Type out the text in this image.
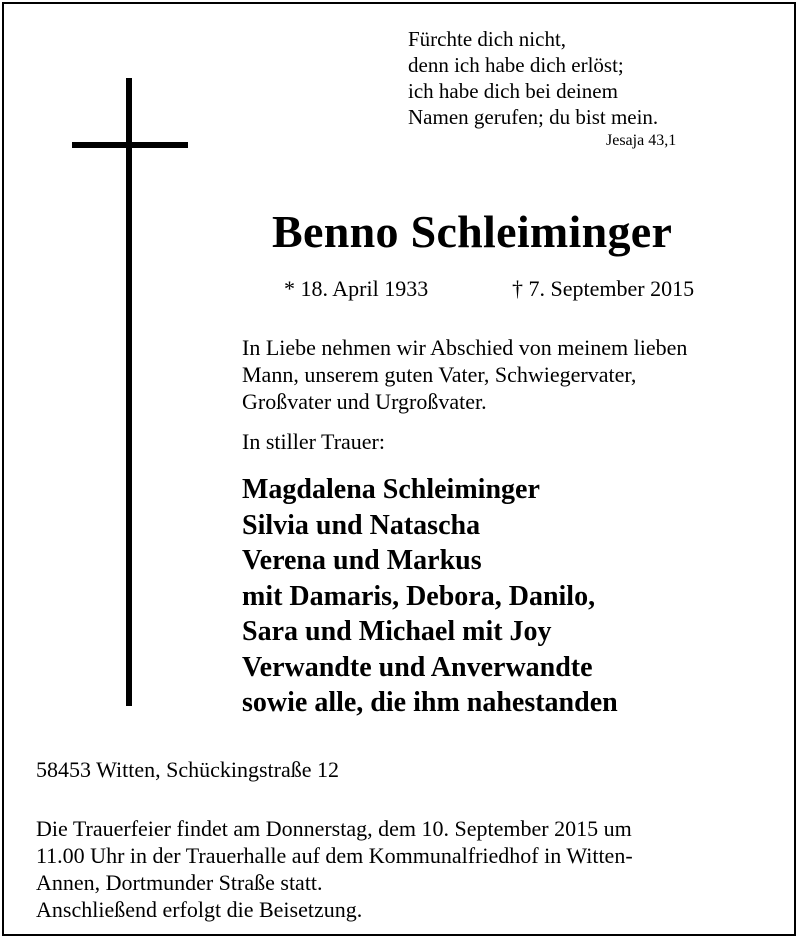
Fürchte dich nicht,
denn ich habe dich erlöst;
ich habe dich bei deinem
Namen gerufen; du bist mein.
Jesaja 43,1
Benno Schleiminger
* 18. April 1933	† 7. September 2015
In Liebe nehmen wir Abschied von meinem lieben
Mann, unserem guten Vater, Schwiegervater,
Großvater und Urgroßvater.
In stiller Trauer:
Magdalena Schleiminger
Silvia und Natascha
Verena und Markus
mit Damaris, Debora, Danilo,
Sara und Michael mit Joy
Verwandte und Anverwandte
sowie alle, die ihm nahestanden
58453 Witten, Schückingstraße 12
Die Trauerfeier findet am Donnerstag, dem 10. September 2015 um
11.00 Uhr in der Trauerhalle auf dem Kommunalfriedhof in Witten-
Annen, Dortmunder Straße statt.
Anschließend erfolgt die Beisetzung.
